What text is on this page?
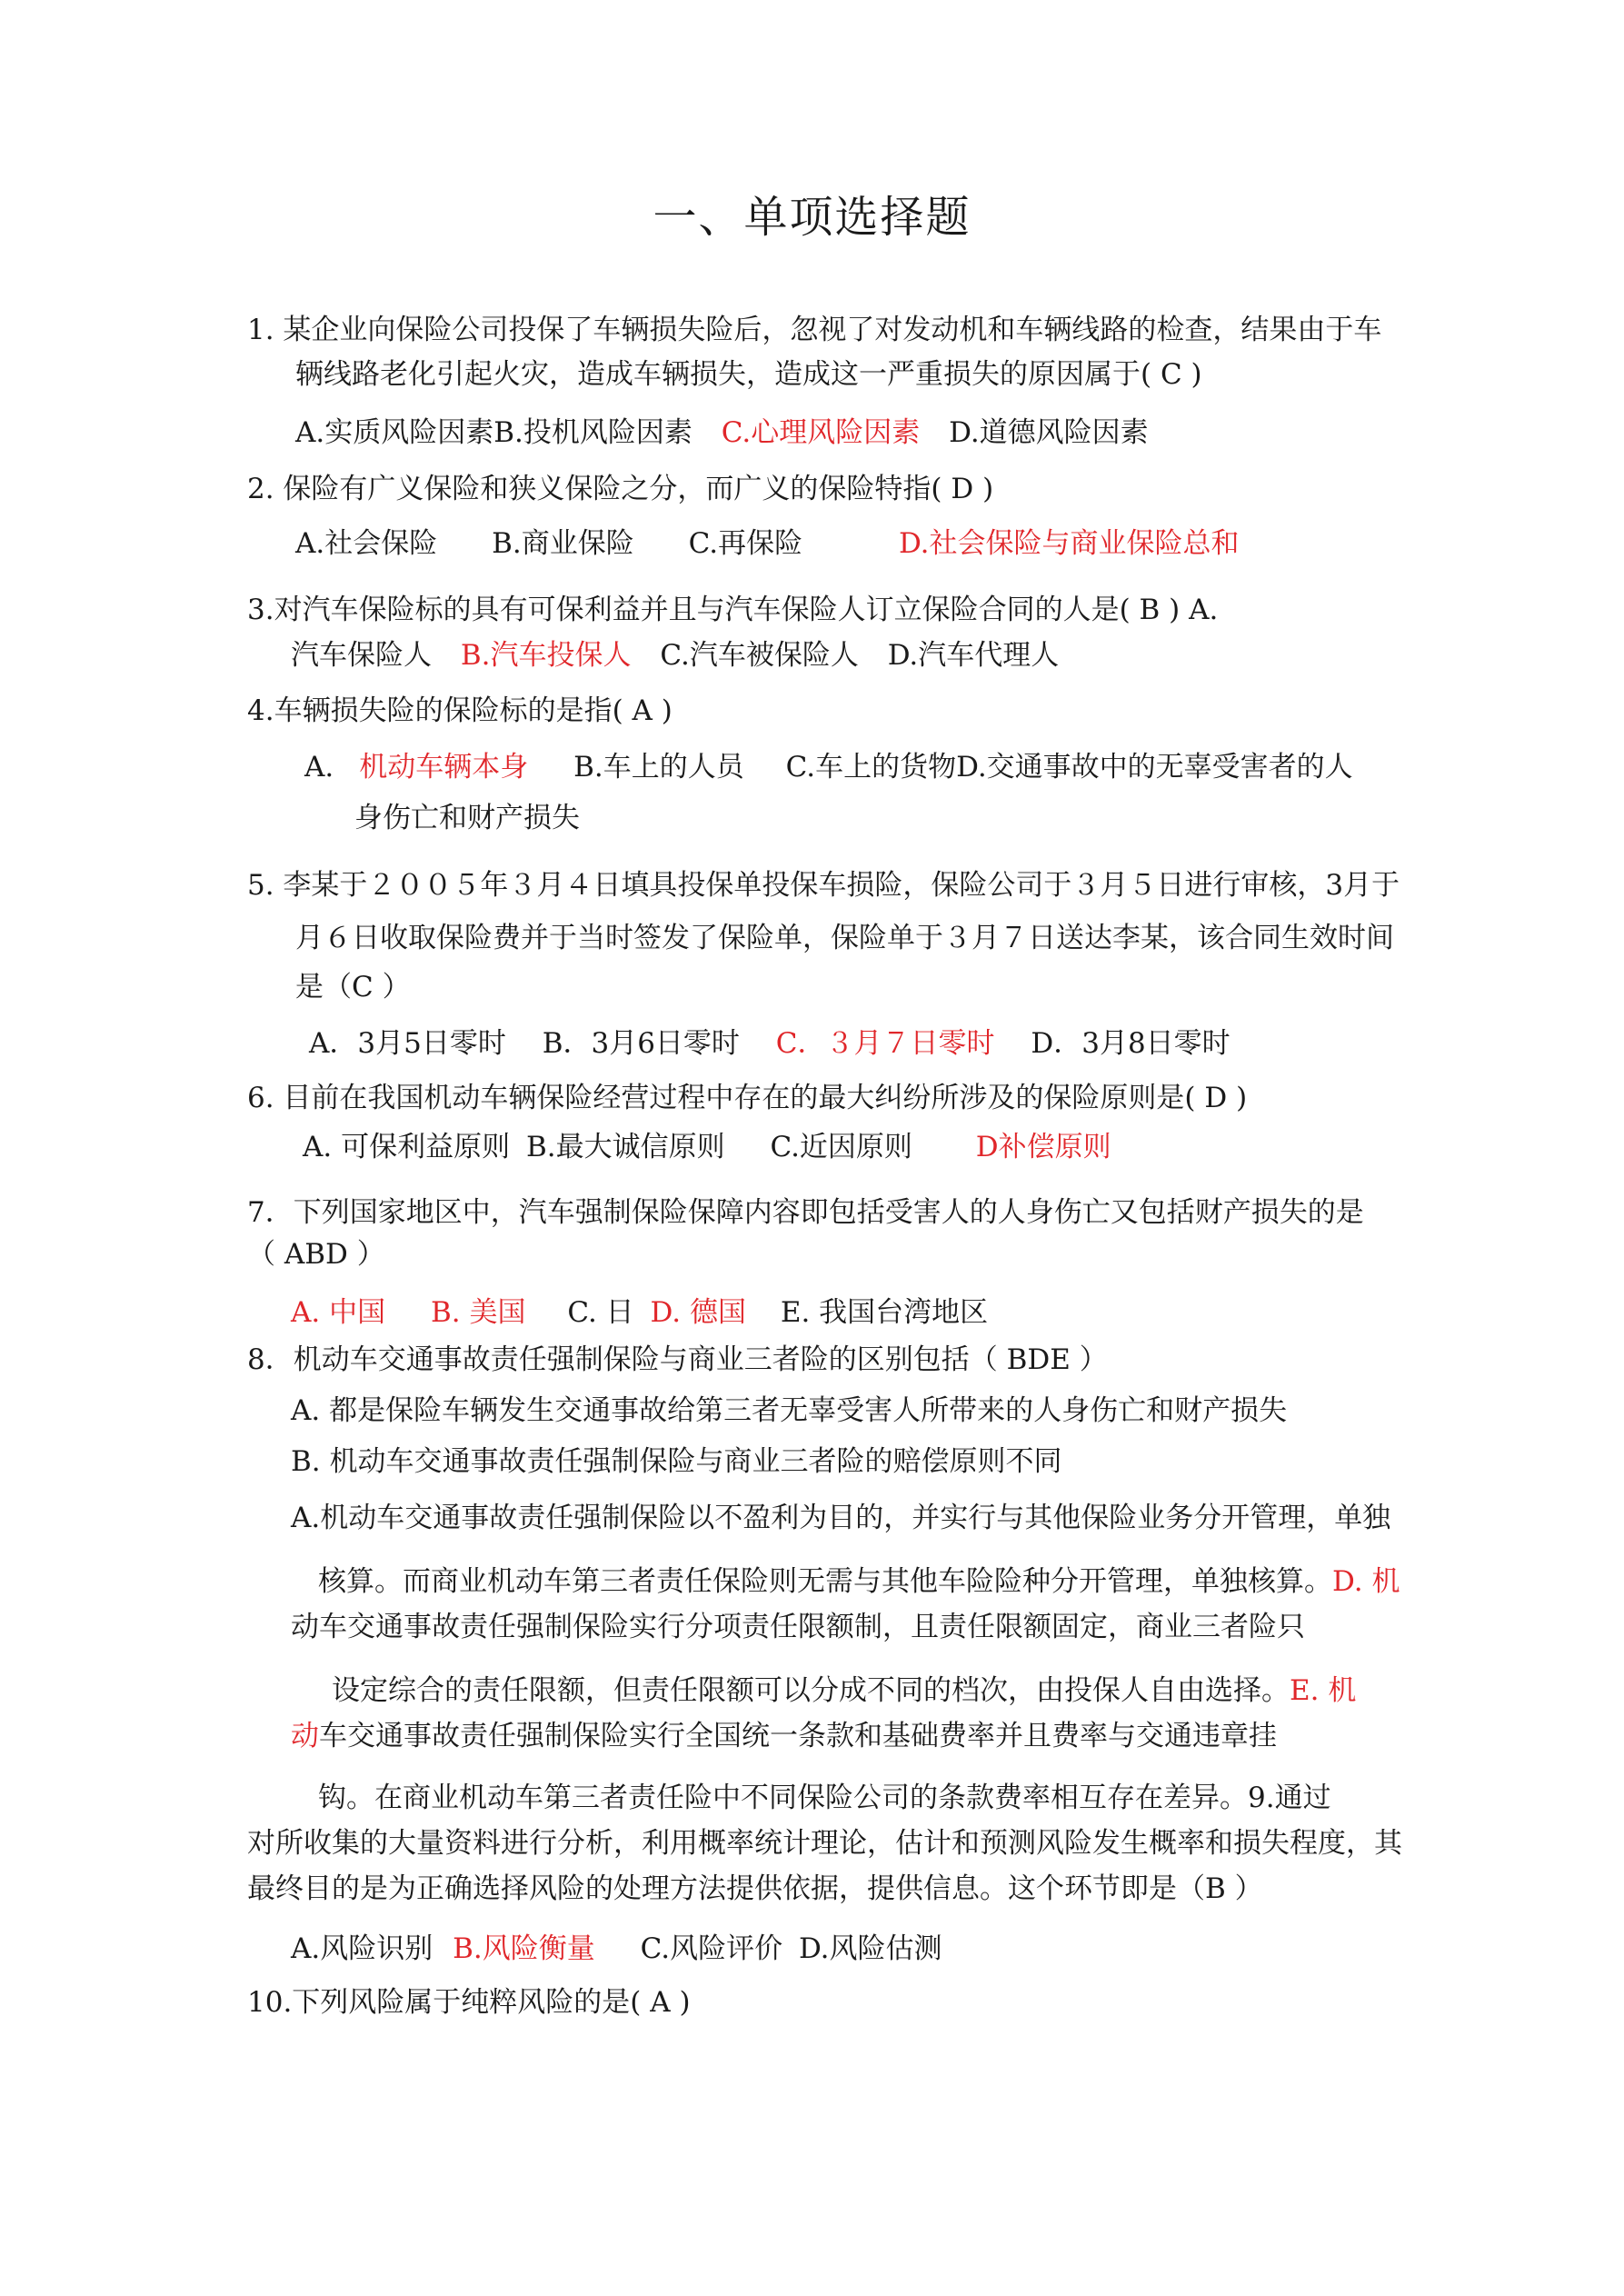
一、单项选择题
1. 某企业向保险公司投保了车辆损失险后，忽视了对发动机和车辆线路的检查，结果由于车
辆线路老化引起火灾，造成车辆损失，造成这一严重损失的原因属于( C )
A.实质风险因素B.投机风险因素 C.心理风险因素 D.道德风险因素
2. 保险有广义保险和狭义保险之分，而广义的保险特指( D )
A.社会保险 B.商业保险 C.再保险	D.社会保险与商业保险总和
3.对汽车保险标的具有可保利益并且与汽车保险人订立保险合同的人是( B ) A.
汽车保险人 B.汽车投保人 C.汽车被保险人 D.汽车代理人
4.车辆损失险的保险标的是指( A )
A. 机动车辆本身 B.车上的人员 C.车上的货物D.交通事故中的无辜受害者的人
身伤亡和财产损失
5. 李某于２００５年３月４日填具投保单投保车损险，保险公司于３月５日进行审核，3月于
月６日收取保险费并于当时签发了保险单，保险单于３月７日送达李某，该合同生效时间
是（C ）
A．3月5日零时 B．3月6日零时 C．３月７日零时 D．3月8日零时
6. 目前在我国机动车辆保险经营过程中存在的最大纠纷所涉及的保险原则是( D )
A. 可保利益原则 B.最大诚信原则 C.近因原则 D补偿原则
7．下列国家地区中，汽车强制保险保障内容即包括受害人的人身伤亡又包括财产损失的是
（ ABD ）
A. 中国 B. 美国 C. 日 D. 德国 E. 我国台湾地区
8．机动车交通事故责任强制保险与商业三者险的区别包括（ BDE ）
A. 都是保险车辆发生交通事故给第三者无辜受害人所带来的人身伤亡和财产损失
B. 机动车交通事故责任强制保险与商业三者险的赔偿原则不同
A.机动车交通事故责任强制保险以不盈利为目的，并实行与其他保险业务分开管理，单独
核算。而商业机动车第三者责任保险则无需与其他车险险种分开管理，单独核算。D. 机
动车交通事故责任强制保险实行分项责任限额制，且责任限额固定，商业三者险只
设定综合的责任限额，但责任限额可以分成不同的档次，由投保人自由选择。E. 机
动车交通事故责任强制保险实行全国统一条款和基础费率并且费率与交通违章挂
钩。在商业机动车第三者责任险中不同保险公司的条款费率相互存在差异。9.通过
对所收集的大量资料进行分析，利用概率统计理论，估计和预测风险发生概率和损失程度，其
最终目的是为正确选择风险的处理方法提供依据，提供信息。这个环节即是（B ）
A.风险识别 B.风险衡量 C.风险评价 D.风险估测
10.下列风险属于纯粹风险的是( A )
